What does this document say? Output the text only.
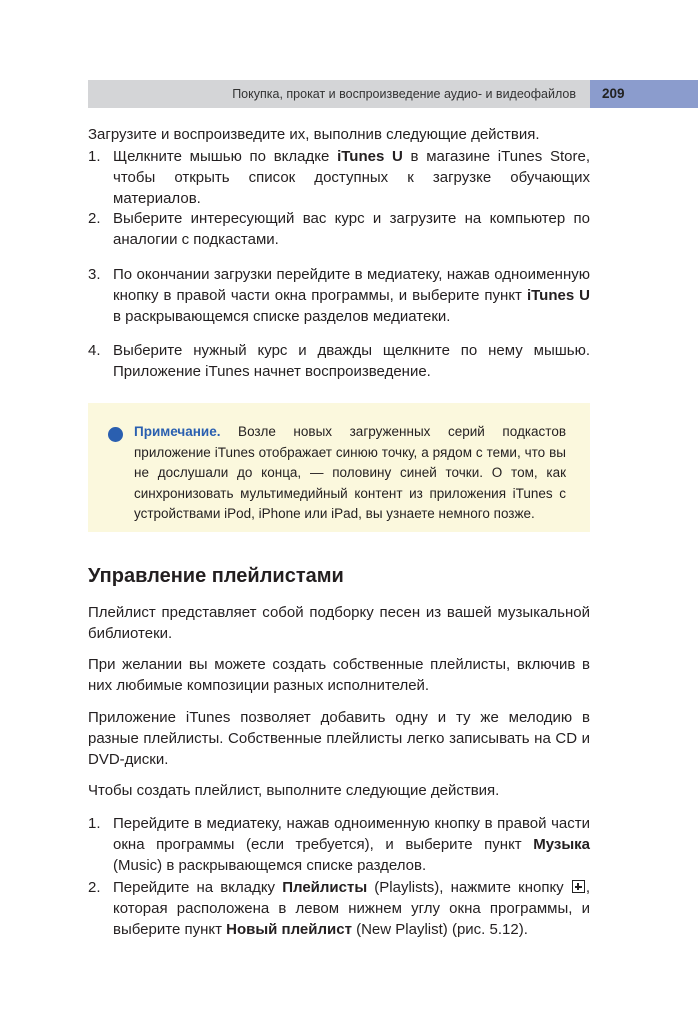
Покупка, прокат и воспроизведение аудио- и видеофайлов 209

Загрузите и воспроизведите их, выполнив следующие действия.

1. Щелкните мышью по вкладке iTunes U в магазине iTunes Store, чтобы открыть список доступных к загрузке обучающих материалов.
2. Выберите интересующий вас курс и загрузите на компьютер по аналогии с подкастами.
3. По окончании загрузки перейдите в медиатеку, нажав одноименную кнопку в правой части окна программы, и выберите пункт iTunes U в раскрывающемся списке разделов медиатеки.
4. Выберите нужный курс и дважды щелкните по нему мышью. Приложение iTunes начнет воспроизведение.

Примечание. Возле новых загруженных серий подкастов приложение iTunes отображает синюю точку, а рядом с теми, что вы не дослушали до конца, — половину синей точки. О том, как синхронизовать мультимедийный контент из приложения iTunes с устройствами iPod, iPhone или iPad, вы узнаете немного позже.

Управление плейлистами

Плейлист представляет собой подборку песен из вашей музыкальной библиотеки.

При желании вы можете создать собственные плейлисты, включив в них любимые композиции разных исполнителей.

Приложение iTunes позволяет добавить одну и ту же мелодию в разные плейлисты. Собственные плейлисты легко записывать на CD и DVD-диски.

Чтобы создать плейлист, выполните следующие действия.

1. Перейдите в медиатеку, нажав одноименную кнопку в правой части окна программы (если требуется), и выберите пункт Музыка (Music) в раскрывающемся списке разделов.
2. Перейдите на вкладку Плейлисты (Playlists), нажмите кнопку , которая расположена в левом нижнем углу окна программы, и выберите пункт Новый плейлист (New Playlist) (рис. 5.12).
